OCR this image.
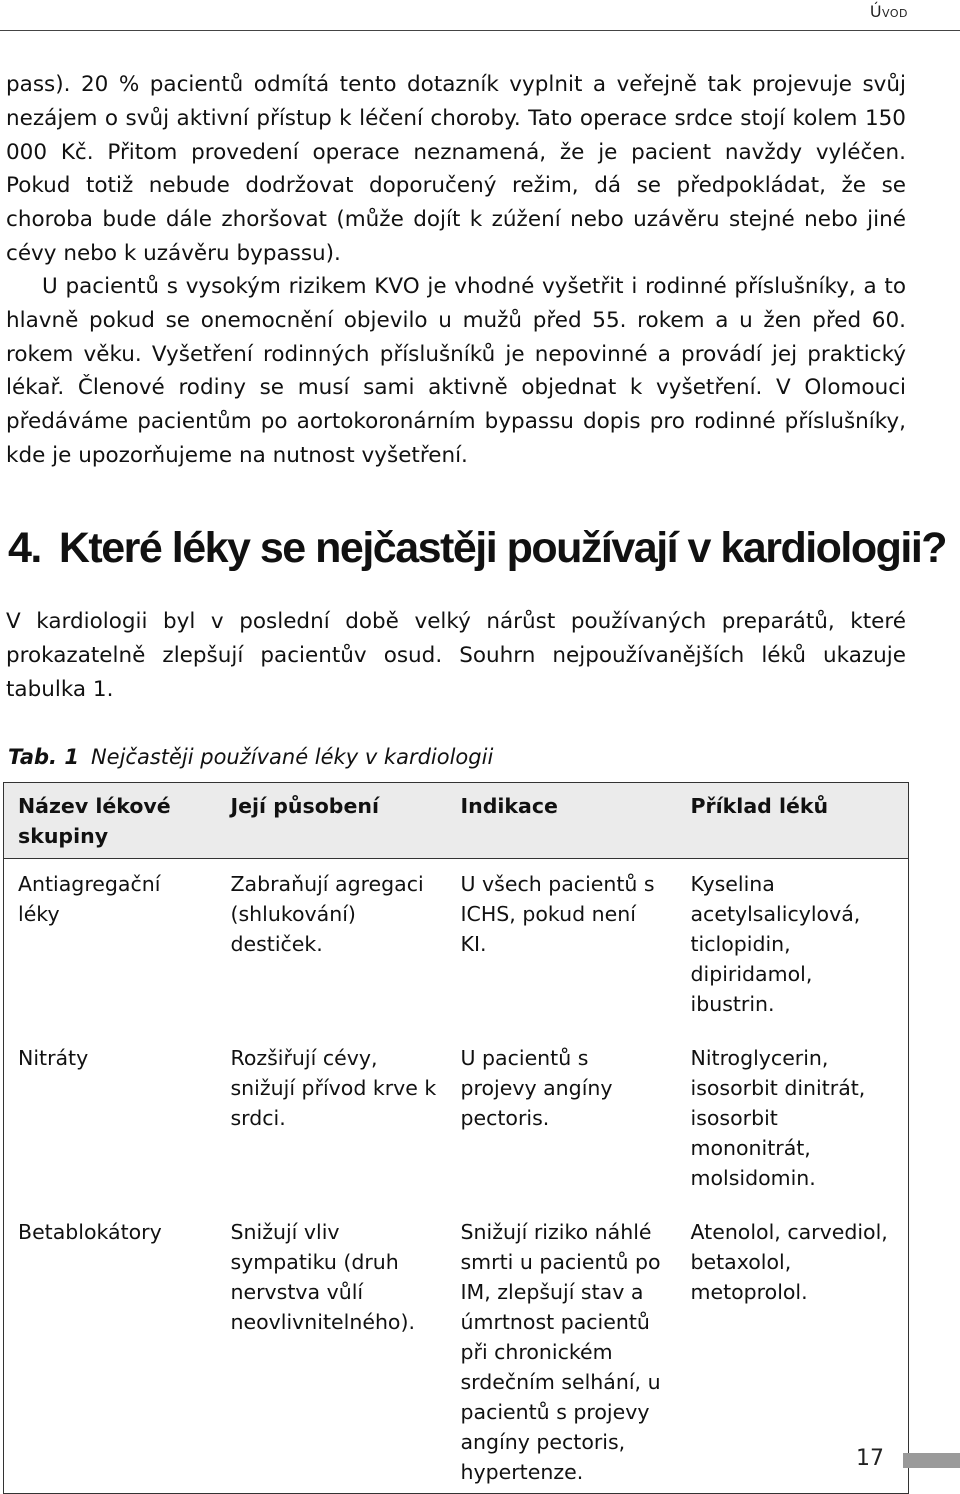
Úvod

pass). 20 % pacientů odmítá tento dotazník vyplnit a veřejně tak projevuje svůj nezájem o svůj aktivní přístup k léčení choroby. Tato operace srdce stojí kolem 150 000 Kč. Přitom provedení operace neznamená, že je pacient navždy vyléčen. Pokud totiž nebude dodržovat doporučený režim, dá se předpokládat, že se choroba bude dále zhoršovat (může dojít k zúžení nebo uzávěru stejné nebo jiné cévy nebo k uzávěru bypassu).

U pacientů s vysokým rizikem KVO je vhodné vyšetřit i rodinné příslušníky, a to hlavně pokud se onemocnění objevilo u mužů před 55. rokem a u žen před 60. rokem věku. Vyšetření rodinných příslušníků je nepovinné a provádí jej praktický lékař. Členové rodiny se musí sami aktivně objednat k vyšetření. V Olomouci předáváme pacientům po aortokoronárním bypassu dopis pro rodinné příslušníky, kde je upozorňujeme na nutnost vyšetření.

4. Které léky se nejčastěji používají v kardiologii?

V kardiologii byl v poslední době velký nárůst používaných preparátů, které prokazatelně zlepšují pacientův osud. Souhrn nejpoužívanějších léků ukazuje tabulka 1.

Tab. 1 Nejčastěji používané léky v kardiologii
Název lékové skupiny	Její působení	Indikace	Příklad léků
Antiagregační léky	Zabraňují agregaci (shlukování) destiček.	U všech pacientů s ICHS, pokud není KI.	Kyselina acetylsalicylová, ticlopidin, dipiridamol, ibustrin.
Nitráty	Rozšiřují cévy, snižují přívod krve k srdci.	U pacientů s projevy angíny pectoris.	Nitroglycerin, isosorbit dinitrát, isosorbit mononitrát, molsidomin.
Betablokátory	Snižují vliv sympatiku (druh nervstva vůlí neovlivnitelného).	Snižují riziko náhlé smrti u pacientů po IM, zlepšují stav a úmrtnost pacientů při chronickém srdečním selhání, u pacientů s projevy angíny pectoris, hypertenze.	Atenolol, carvediol, betaxolol, metoprolol.
17
